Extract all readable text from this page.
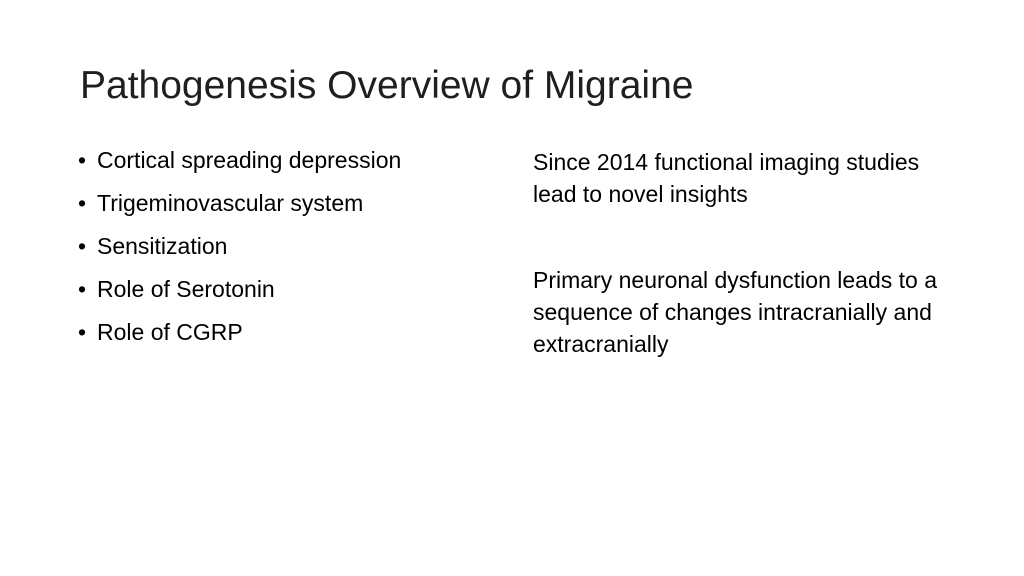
Pathogenesis Overview of Migraine
• Cortical spreading depression
• Trigeminovascular system
• Sensitization
• Role of Serotonin
• Role of CGRP

Since 2014 functional imaging studies lead to novel insights

Primary neuronal dysfunction leads to a sequence of changes intracranially and extracranially
